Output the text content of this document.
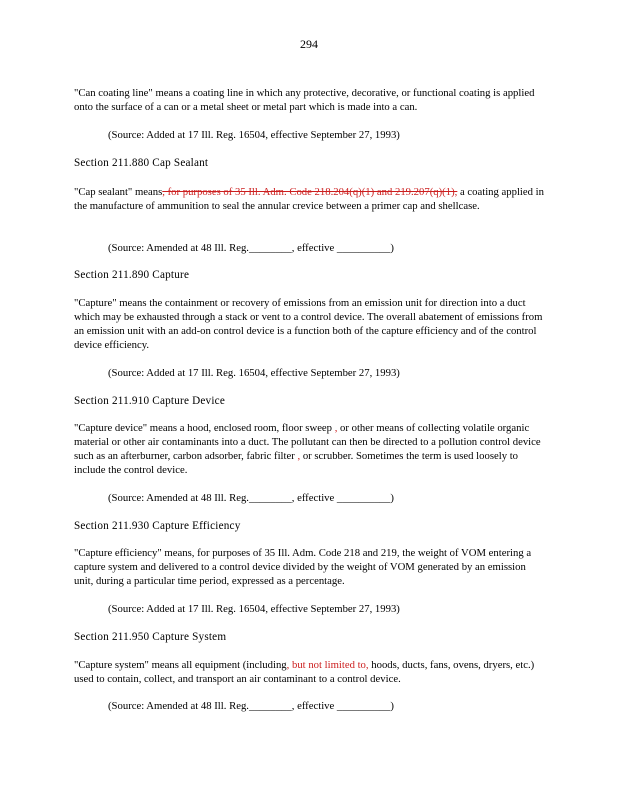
294
"Can coating line" means a coating line in which any protective, decorative, or functional coating is applied onto the surface of a can or a metal sheet or metal part which is made into a can.
(Source: Added at 17 Ill. Reg. 16504, effective September 27, 1993)
Section 211.880 Cap Sealant
"Cap sealant" means, for purposes of 35 Ill. Adm. Code 218.204(q)(1) and 219.207(q)(1), a coating applied in the manufacture of ammunition to seal the annular crevice between a primer cap and shellcase.
(Source: Amended at 48 Ill. Reg.________, effective __________)
Section 211.890 Capture
"Capture" means the containment or recovery of emissions from an emission unit for direction into a duct which may be exhausted through a stack or vent to a control device. The overall abatement of emissions from an emission unit with an add-on control device is a function both of the capture efficiency and of the control device efficiency.
(Source: Added at 17 Ill. Reg. 16504, effective September 27, 1993)
Section 211.910 Capture Device
"Capture device" means a hood, enclosed room, floor sweep , or other means of collecting volatile organic material or other air contaminants into a duct. The pollutant can then be directed to a pollution control device such as an afterburner, carbon adsorber, fabric filter , or scrubber. Sometimes the term is used loosely to include the control device.
(Source: Amended at 48 Ill. Reg.________, effective __________)
Section 211.930 Capture Efficiency
"Capture efficiency" means, for purposes of 35 Ill. Adm. Code 218 and 219, the weight of VOM entering a capture system and delivered to a control device divided by the weight of VOM generated by an emission unit, during a particular time period, expressed as a percentage.
(Source: Added at 17 Ill. Reg. 16504, effective September 27, 1993)
Section 211.950 Capture System
"Capture system" means all equipment (including, but not limited to, hoods, ducts, fans, ovens, dryers, etc.) used to contain, collect, and transport an air contaminant to a control device.
(Source: Amended at 48 Ill. Reg.________, effective __________)
